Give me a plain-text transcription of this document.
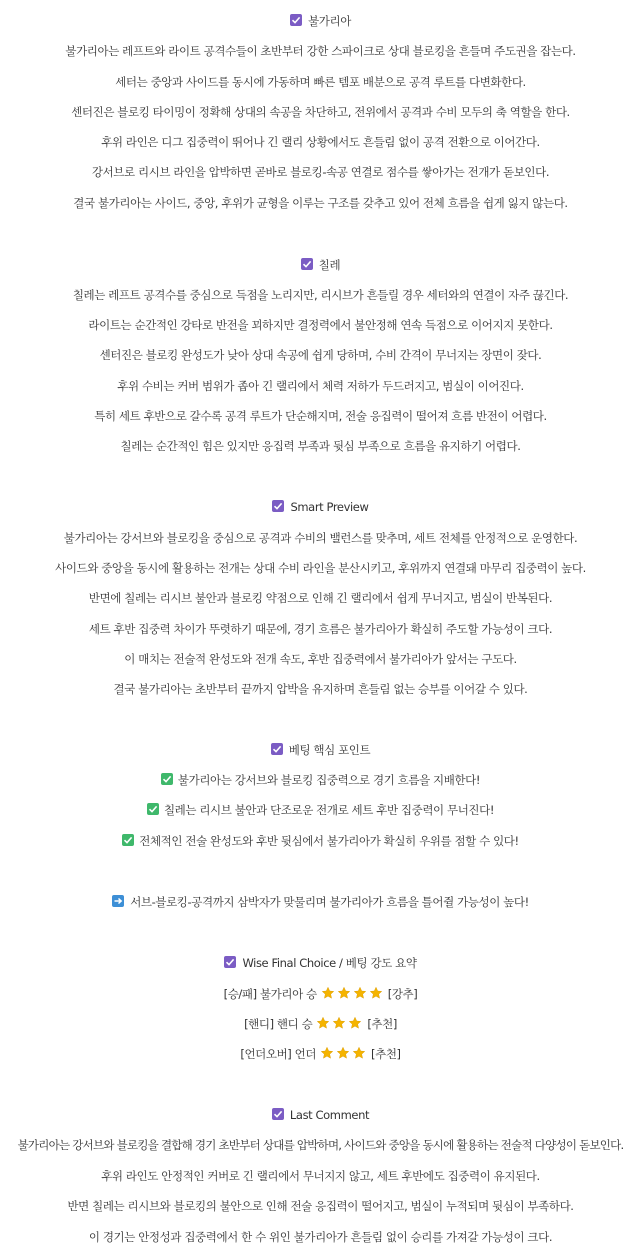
불가리아
불가리아는 레프트와 라이트 공격수들이 초반부터 강한 스파이크로 상대 블로킹을 흔들며 주도권을 잡는다.
세터는 중앙과 사이드를 동시에 가동하며 빠른 템포 배분으로 공격 루트를 다변화한다.
센터진은 블로킹 타이밍이 정확해 상대의 속공을 차단하고, 전위에서 공격과 수비 모두의 축 역할을 한다.
후위 라인은 디그 집중력이 뛰어나 긴 랠리 상황에서도 흔들림 없이 공격 전환으로 이어간다.
강서브로 리시브 라인을 압박하면 곧바로 블로킹-속공 연결로 점수를 쌓아가는 전개가 돋보인다.
결국 불가리아는 사이드, 중앙, 후위가 균형을 이루는 구조를 갖추고 있어 전체 흐름을 쉽게 잃지 않는다.
칠레
칠레는 레프트 공격수를 중심으로 득점을 노리지만, 리시브가 흔들릴 경우 세터와의 연결이 자주 끊긴다.
라이트는 순간적인 강타로 반전을 꾀하지만 결정력에서 불안정해 연속 득점으로 이어지지 못한다.
센터진은 블로킹 완성도가 낮아 상대 속공에 쉽게 당하며, 수비 간격이 무너지는 장면이 잦다.
후위 수비는 커버 범위가 좁아 긴 랠리에서 체력 저하가 두드러지고, 범실이 이어진다.
특히 세트 후반으로 갈수록 공격 루트가 단순해지며, 전술 응집력이 떨어져 흐름 반전이 어렵다.
칠레는 순간적인 힘은 있지만 응집력 부족과 뒷심 부족으로 흐름을 유지하기 어렵다.
Smart Preview
불가리아는 강서브와 블로킹을 중심으로 공격과 수비의 밸런스를 맞추며, 세트 전체를 안정적으로 운영한다.
사이드와 중앙을 동시에 활용하는 전개는 상대 수비 라인을 분산시키고, 후위까지 연결돼 마무리 집중력이 높다.
반면에 칠레는 리시브 불안과 블로킹 약점으로 인해 긴 랠리에서 쉽게 무너지고, 범실이 반복된다.
세트 후반 집중력 차이가 뚜렷하기 때문에, 경기 흐름은 불가리아가 확실히 주도할 가능성이 크다.
이 매치는 전술적 완성도와 전개 속도, 후반 집중력에서 불가리아가 앞서는 구도다.
결국 불가리아는 초반부터 끝까지 압박을 유지하며 흔들림 없는 승부를 이어갈 수 있다.
베팅 핵심 포인트
불가리아는 강서브와 블로킹 집중력으로 경기 흐름을 지배한다!
칠레는 리시브 불안과 단조로운 전개로 세트 후반 집중력이 무너진다!
전체적인 전술 완성도와 후반 뒷심에서 불가리아가 확실히 우위를 점할 수 있다!
서브-블로킹-공격까지 삼박자가 맞물리며 불가리아가 흐름을 틀어쥘 가능성이 높다!
Wise Final Choice / 베팅 강도 요약
[승/패] 불가리아 승	[강추]
[핸디] 핸디 승	[추천]
[언더오버] 언더	[추천]
Last Comment
불가리아는 강서브와 블로킹을 결합해 경기 초반부터 상대를 압박하며, 사이드와 중앙을 동시에 활용하는 전술적 다양성이 돋보인다.
후위 라인도 안정적인 커버로 긴 랠리에서 무너지지 않고, 세트 후반에도 집중력이 유지된다.
반면 칠레는 리시브와 블로킹의 불안으로 인해 전술 응집력이 떨어지고, 범실이 누적되며 뒷심이 부족하다.
이 경기는 안정성과 집중력에서 한 수 위인 불가리아가 흔들림 없이 승리를 가져갈 가능성이 크다.
